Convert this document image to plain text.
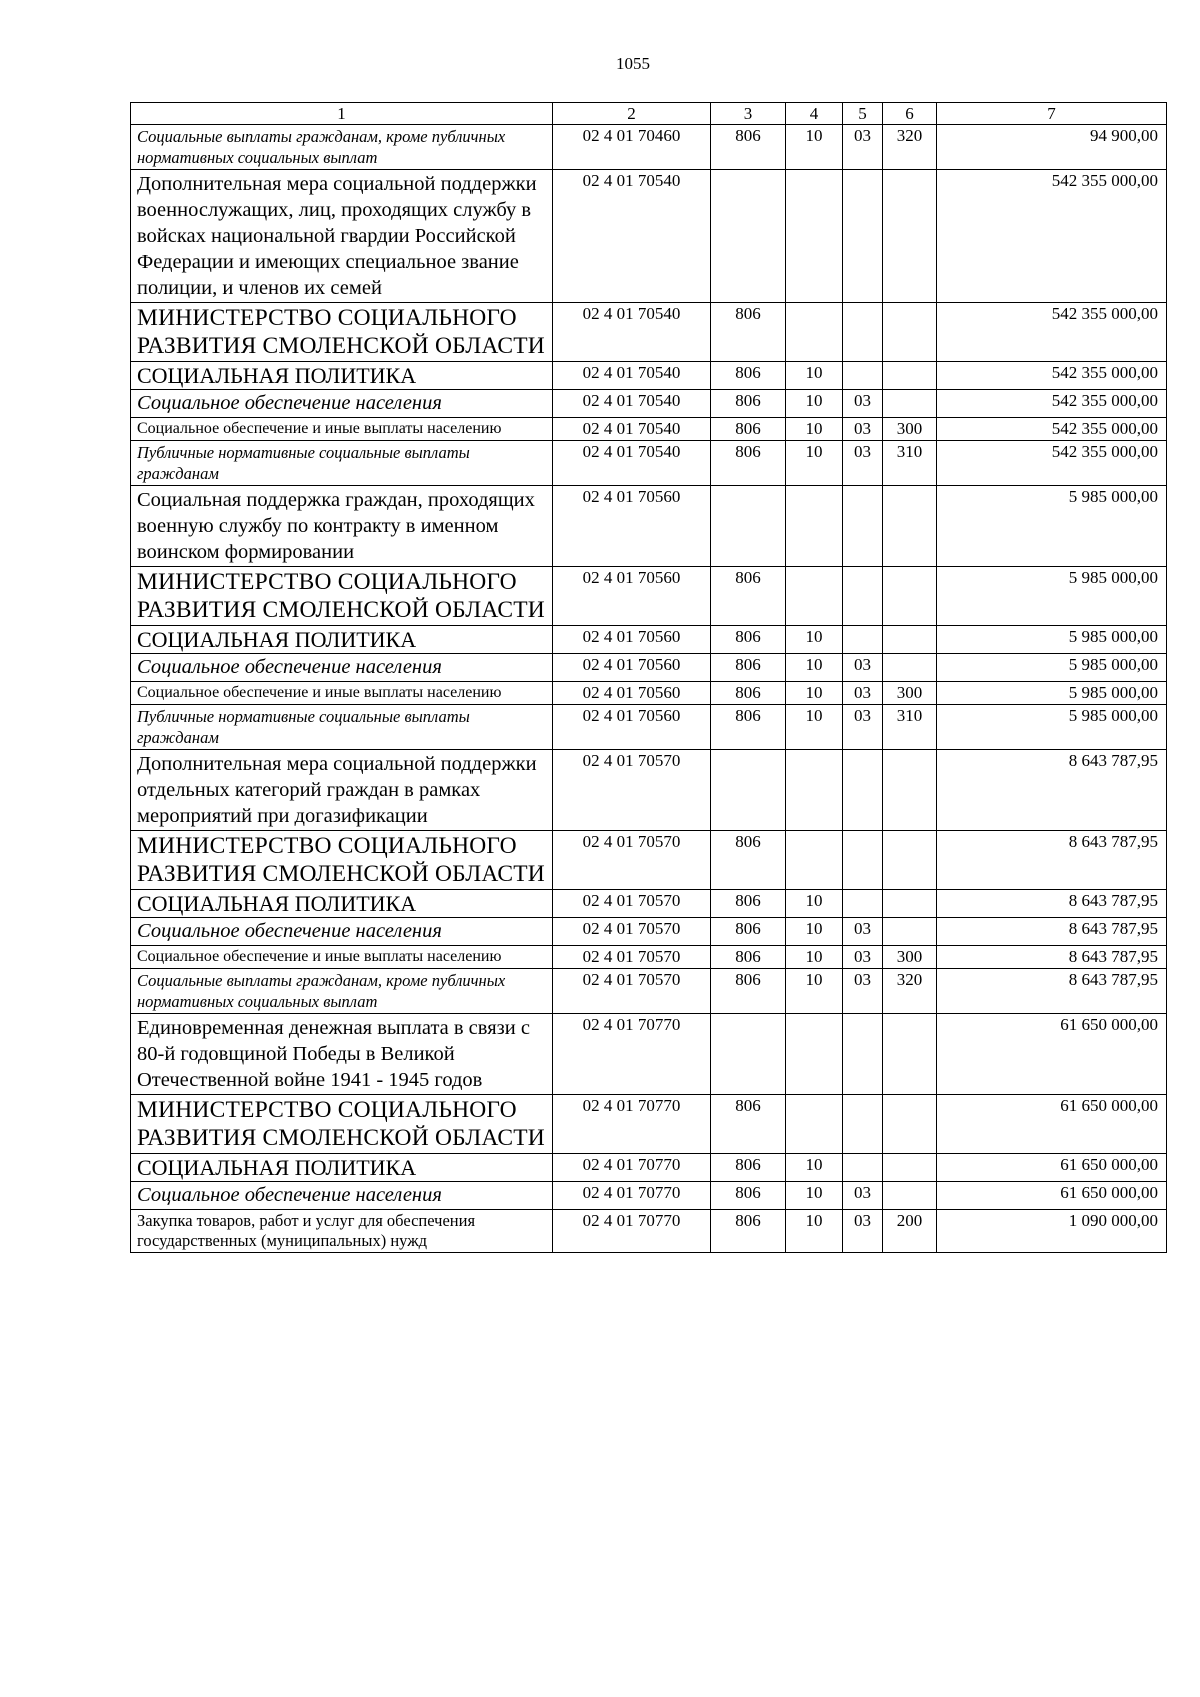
1055
1	2	3	4	5	6	7
Социальные выплаты гражданам, кроме публичных нормативных социальных выплат	02 4 01 70460	806	10	03	320	94 900,00
Дополнительная мера социальной поддержки военнослужащих, лиц, проходящих службу в войсках национальной гвардии Российской Федерации и имеющих специальное звание полиции, и членов их семей	02 4 01 70540					542 355 000,00
МИНИСТЕРСТВО СОЦИАЛЬНОГО РАЗВИТИЯ СМОЛЕНСКОЙ ОБЛАСТИ	02 4 01 70540	806				542 355 000,00
СОЦИАЛЬНАЯ ПОЛИТИКА	02 4 01 70540	806	10			542 355 000,00
Социальное обеспечение населения	02 4 01 70540	806	10	03		542 355 000,00
Социальное обеспечение и иные выплаты населению	02 4 01 70540	806	10	03	300	542 355 000,00
Публичные нормативные социальные выплаты гражданам	02 4 01 70540	806	10	03	310	542 355 000,00
Социальная поддержка граждан, проходящих военную службу по контракту в именном воинском формировании	02 4 01 70560					5 985 000,00
МИНИСТЕРСТВО СОЦИАЛЬНОГО РАЗВИТИЯ СМОЛЕНСКОЙ ОБЛАСТИ	02 4 01 70560	806				5 985 000,00
СОЦИАЛЬНАЯ ПОЛИТИКА	02 4 01 70560	806	10			5 985 000,00
Социальное обеспечение населения	02 4 01 70560	806	10	03		5 985 000,00
Социальное обеспечение и иные выплаты населению	02 4 01 70560	806	10	03	300	5 985 000,00
Публичные нормативные социальные выплаты гражданам	02 4 01 70560	806	10	03	310	5 985 000,00
Дополнительная мера социальной поддержки отдельных категорий граждан в рамках мероприятий при догазификации	02 4 01 70570					8 643 787,95
МИНИСТЕРСТВО СОЦИАЛЬНОГО РАЗВИТИЯ СМОЛЕНСКОЙ ОБЛАСТИ	02 4 01 70570	806				8 643 787,95
СОЦИАЛЬНАЯ ПОЛИТИКА	02 4 01 70570	806	10			8 643 787,95
Социальное обеспечение населения	02 4 01 70570	806	10	03		8 643 787,95
Социальное обеспечение и иные выплаты населению	02 4 01 70570	806	10	03	300	8 643 787,95
Социальные выплаты гражданам, кроме публичных нормативных социальных выплат	02 4 01 70570	806	10	03	320	8 643 787,95
Единовременная денежная выплата в связи с 80-й годовщиной Победы в Великой Отечественной войне 1941 - 1945 годов	02 4 01 70770					61 650 000,00
МИНИСТЕРСТВО СОЦИАЛЬНОГО РАЗВИТИЯ СМОЛЕНСКОЙ ОБЛАСТИ	02 4 01 70770	806				61 650 000,00
СОЦИАЛЬНАЯ ПОЛИТИКА	02 4 01 70770	806	10			61 650 000,00
Социальное обеспечение населения	02 4 01 70770	806	10	03		61 650 000,00
Закупка товаров, работ и услуг для обеспечения государственных (муниципальных) нужд	02 4 01 70770	806	10	03	200	1 090 000,00
